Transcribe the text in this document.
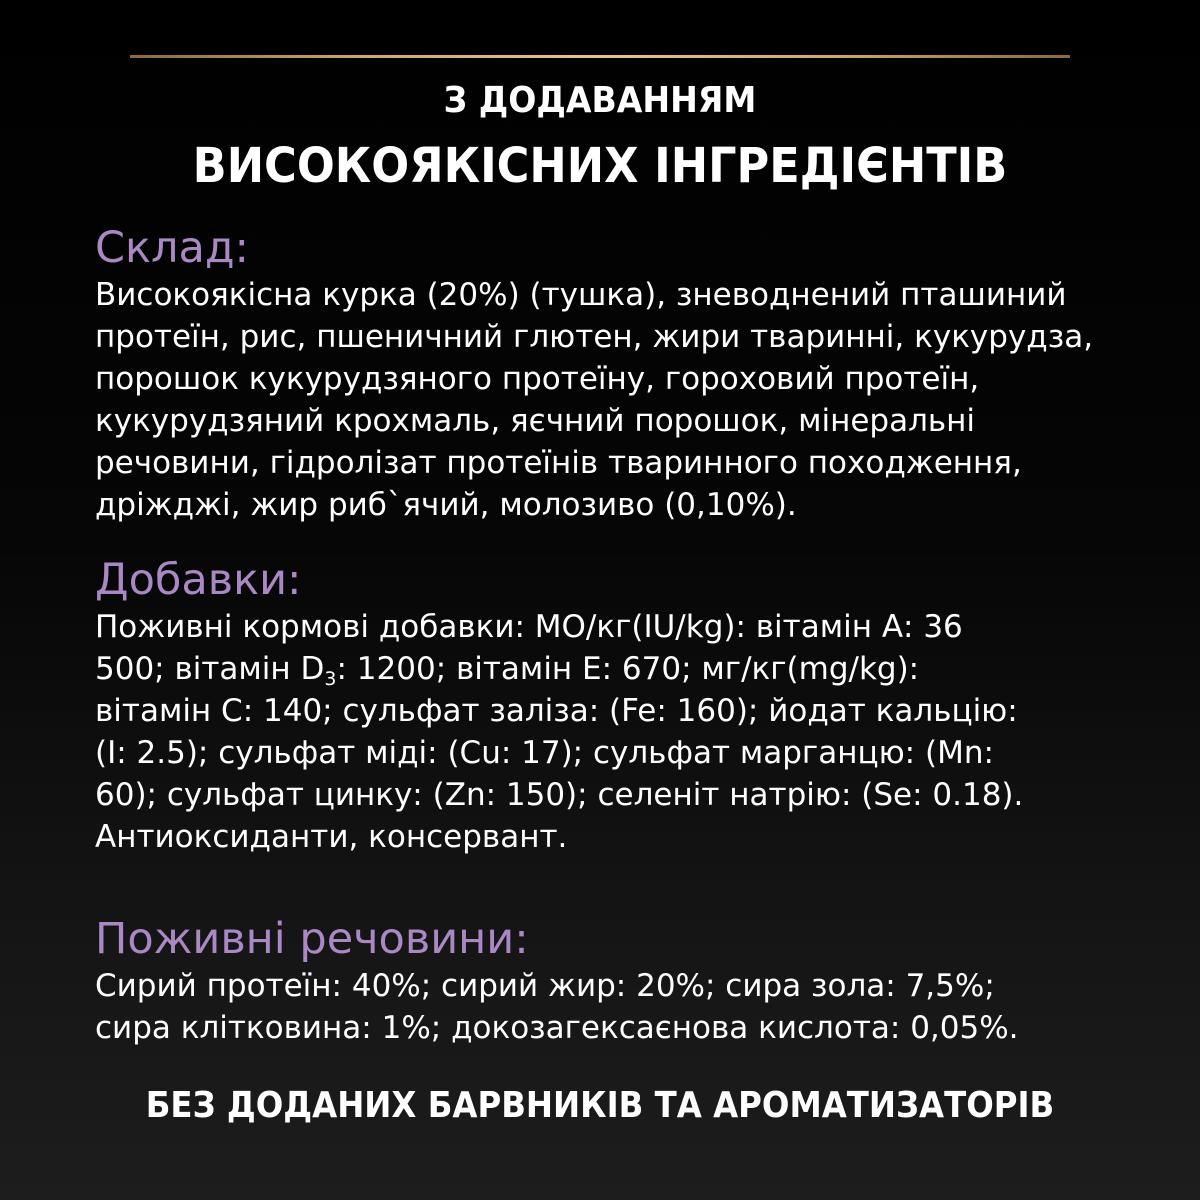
З ДОДАВАННЯМ
ВИСОКОЯКІСНИХ ІНГРЕДІЄНТІВ
Склад:
Високоякісна курка (20%) (тушка), зневоднений пташиний
протеїн, рис, пшеничний глютен, жири тваринні, кукурудза,
порошок кукурудзяного протеїну, гороховий протеїн,
кукурудзяний крохмаль, яєчний порошок, мінеральні
речовини, гідролізат протеїнів тваринного походження,
дріжджі, жир риб`ячий, молозиво (0,10%).
Добавки:
Поживні кормові добавки: МО/кг(IU/kg): вітамін А: 36
500; вітамін $D_3$: 1200; вітамін Е: 670; мг/кг(mg/kg):
вітамін С: 140; сульфат заліза: (Fe: 160); йодат кальцію:
(I: 2.5); сульфат міді: (Cu: 17); сульфат марганцю: (Mn:
60); сульфат цинку: (Zn: 150); селеніт натрію: (Se: 0.18).
Антиоксиданти, консервант.
Поживні речовини:
Сирий протеїн: 40%; сирий жир: 20%; сира зола: 7,5%;
сира клітковина: 1%; докозагексаєнова кислота: 0,05%.
БЕЗ ДОДАНИХ БАРВНИКІВ ТА АРОМАТИЗАТОРІВ
